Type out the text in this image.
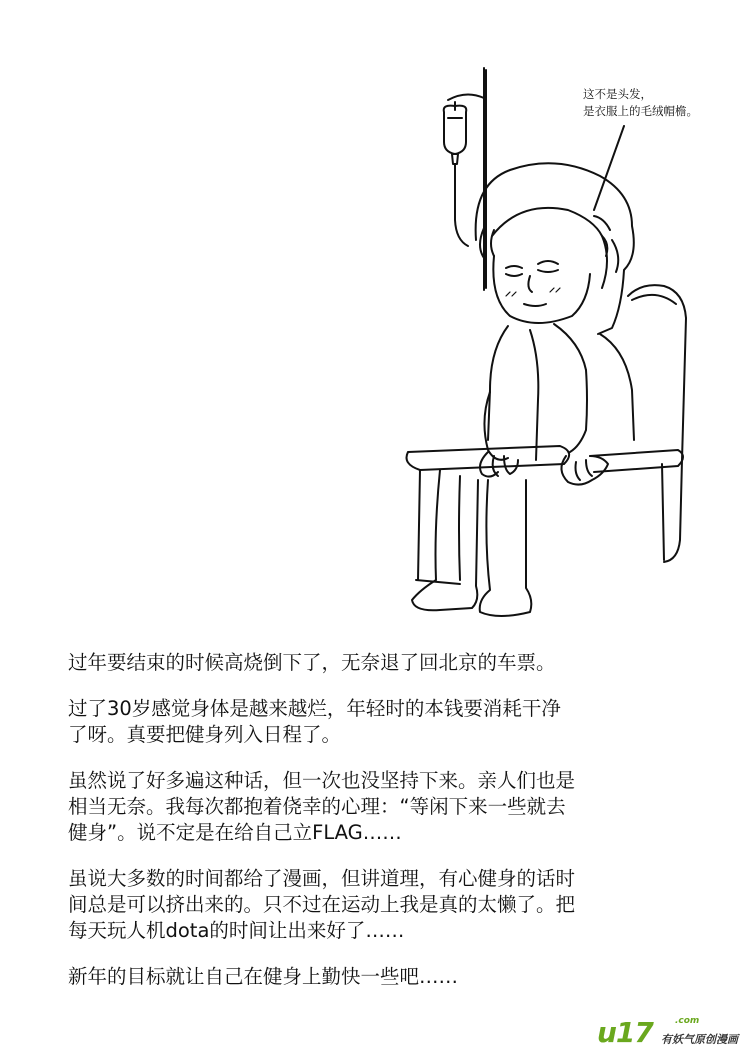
这不是头发，
是衣服上的毛绒帽檐。

过年要结束的时候高烧倒下了，无奈退了回北京的车票。

过了30岁感觉身体是越来越烂，年轻时的本钱要消耗干净
了呀。真要把健身列入日程了。

虽然说了好多遍这种话，但一次也没坚持下来。亲人们也是
相当无奈。我每次都抱着侥幸的心理：“等闲下来一些就去
健身”。说不定是在给自己立FLAG……

虽说大多数的时间都给了漫画，但讲道理，有心健身的话时
间总是可以挤出来的。只不过在运动上我是真的太懒了。把
每天玩人机dota的时间让出来好了……

新年的目标就让自己在健身上勤快一些吧……

u17 .com
有妖气原创漫画
